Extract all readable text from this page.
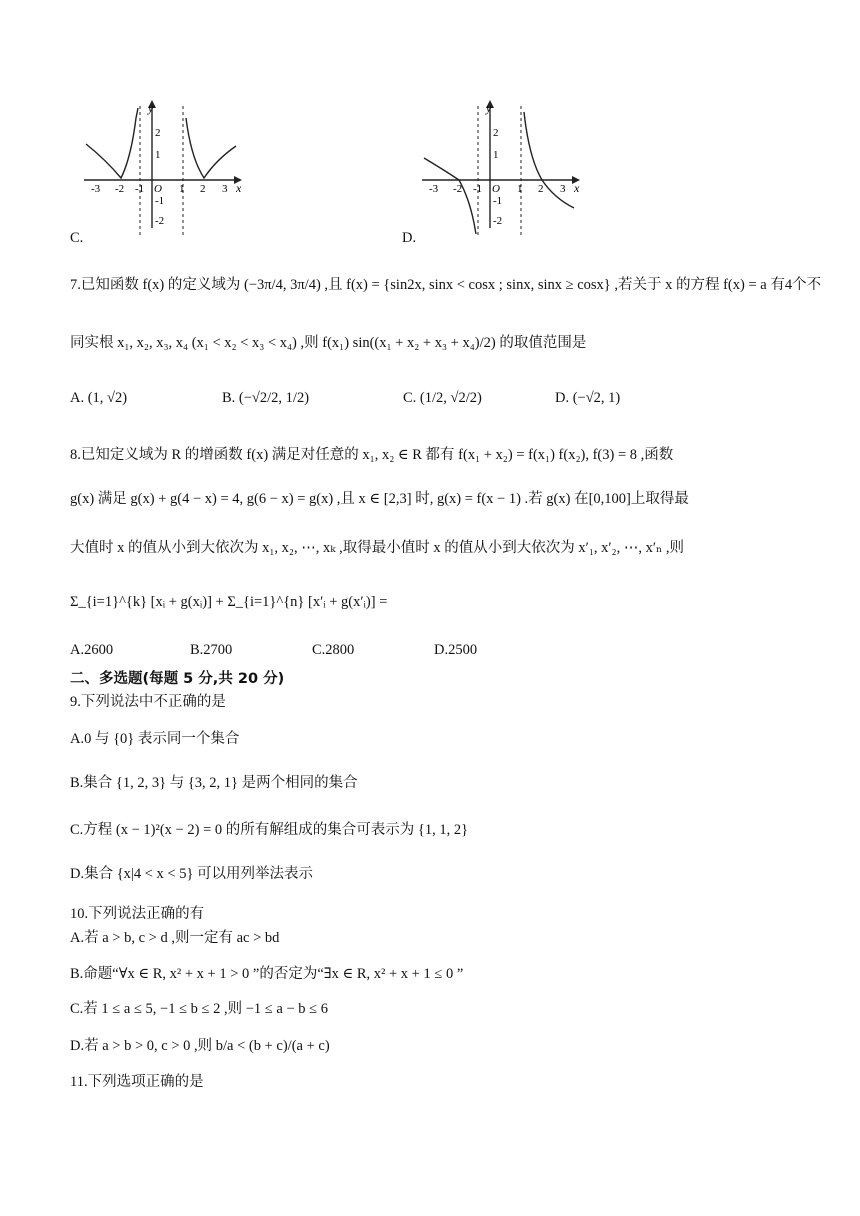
y
x
-3 -2 -1 O 1 2 3
2
1
-1
-2
C.
y
x
-3 -2 -1 O 1 2 3
2
1
-1
-2
D.
7.已知函数 f(x) 的定义域为 (−3π/4, 3π/4) ,且 f(x) = {sin2x, sinx < cosx ; sinx, sinx ≥ cosx} ,若关于 x 的方程 f(x) = a 有4个不
同实根 x₁, x₂, x₃, x₄ (x₁ < x₂ < x₃ < x₄) ,则 f(x₁) sin((x₁ + x₂ + x₃ + x₄)/2) 的取值范围是
A. (1, √2)	B. (−√2/2, 1/2)	C. (1/2, √2/2)	D. (−√2, 1)
8.已知定义域为 R 的增函数 f(x) 满足对任意的 x₁, x₂ ∈ R 都有 f(x₁ + x₂) = f(x₁) f(x₂), f(3) = 8 ,函数
g(x) 满足 g(x) + g(4 − x) = 4, g(6 − x) = g(x) ,且 x ∈ [2,3] 时, g(x) = f(x − 1) .若 g(x) 在[0,100]上取得最
大值时 x 的值从小到大依次为 x₁, x₂, ⋯, xₖ ,取得最小值时 x 的值从小到大依次为 x′₁, x′₂, ⋯, x′ₙ ,则
Σ_{i=1}^{k} [xᵢ + g(xᵢ)] + Σ_{i=1}^{n} [x′ᵢ + g(x′ᵢ)] =
A.2600	B.2700	C.2800	D.2500
二、多选题(每题 5 分,共 20 分)
9.下列说法中不正确的是
A.0 与 {0} 表示同一个集合
B.集合 {1, 2, 3} 与 {3, 2, 1} 是两个相同的集合
C.方程 (x − 1)²(x − 2) = 0 的所有解组成的集合可表示为 {1, 1, 2}
D.集合 {x|4 < x < 5} 可以用列举法表示
10.下列说法正确的有
A.若 a > b, c > d ,则一定有 ac > bd
B.命题“∀x ∈ R, x² + x + 1 > 0 ”的否定为“∃x ∈ R, x² + x + 1 ≤ 0 ”
C.若 1 ≤ a ≤ 5, −1 ≤ b ≤ 2 ,则 −1 ≤ a − b ≤ 6
D.若 a > b > 0, c > 0 ,则 b/a < (b + c)/(a + c)
11.下列选项正确的是
